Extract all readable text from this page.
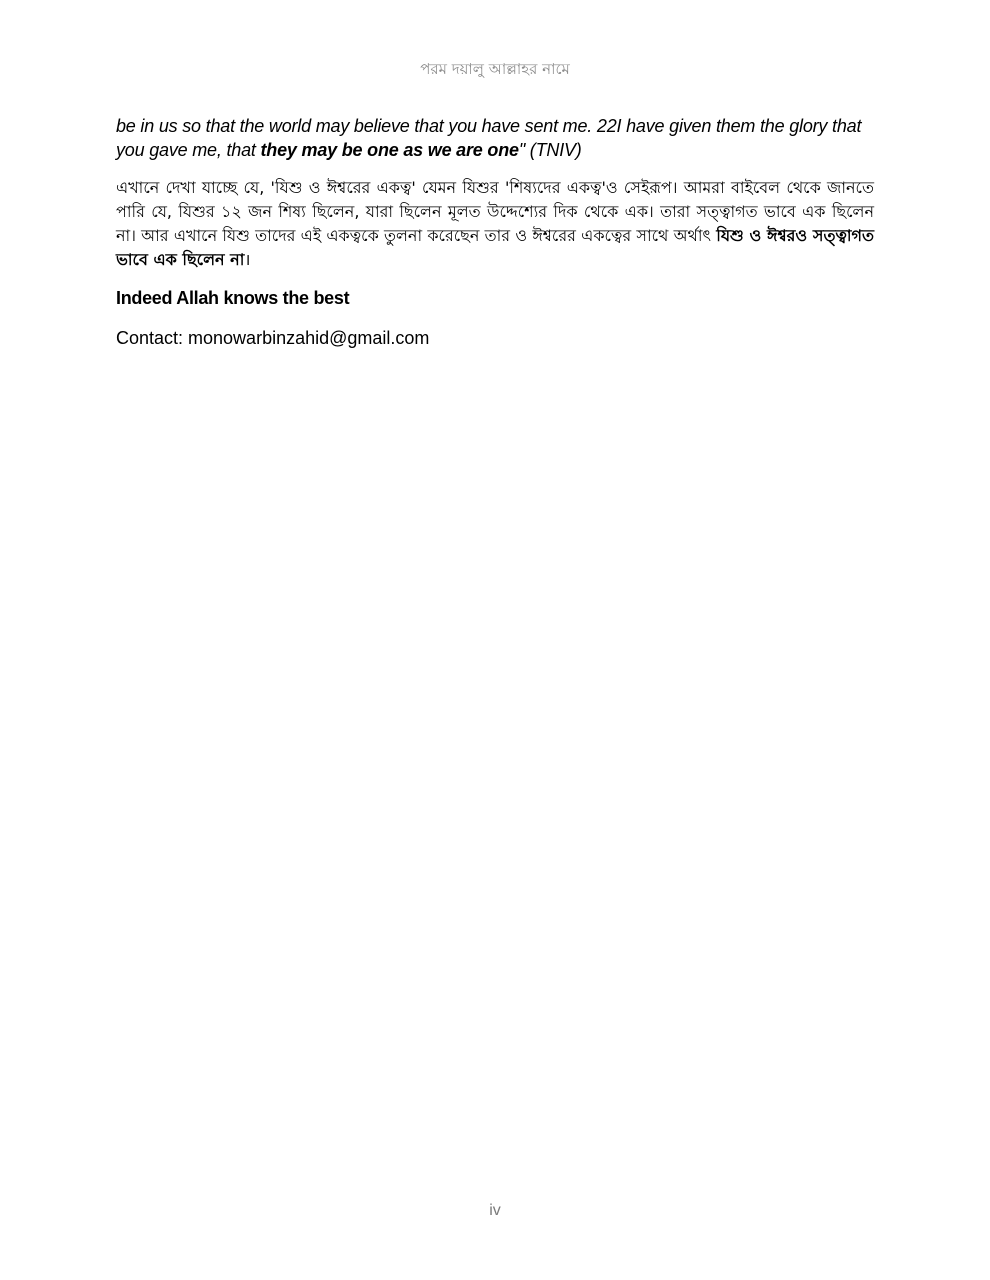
পরম দয়ালু আল্লাহর নামে

be in us so that the world may believe that you have sent me. 22I have given them the glory that you gave me, that they may be one as we are one" (TNIV)

এখানে দেখা যাচ্ছে যে, 'যিশু ও ঈশ্বরের একত্ব' যেমন যিশুর 'শিষ্যদের একত্ব'ও সেইরূপ। আমরা বাইবেল থেকে জানতে পারি যে, যিশুর ১২ জন শিষ্য ছিলেন, যারা ছিলেন মূলত উদ্দেশ্যের দিক থেকে এক। তারা সত্ত্বাগত ভাবে এক ছিলেন না। আর এখানে যিশু তাদের এই একত্বকে তুলনা করেছেন তার ও ঈশ্বরের একত্বের সাথে অর্থাৎ যিশু ও ঈশ্বরও সত্ত্বাগত ভাবে এক ছিলেন না।

Indeed Allah knows the best

Contact: monowarbinzahid@gmail.com

iv
